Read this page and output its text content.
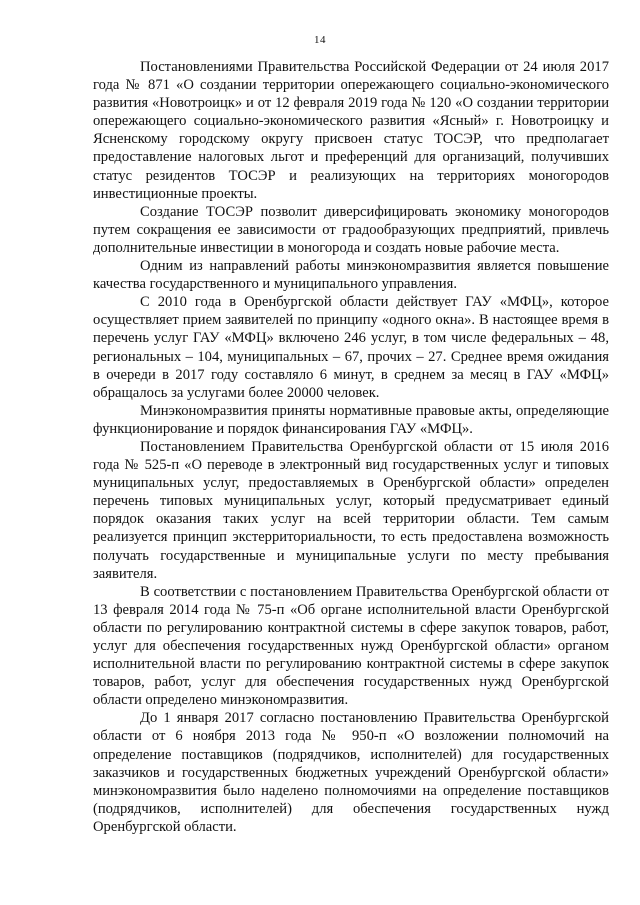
14

Постановлениями Правительства Российской Федерации от 24 июля 2017 года № 871 «О создании территории опережающего социально-экономического развития «Новотроицк» и от 12 февраля 2019 года № 120 «О создании территории опережающего социально-экономического развития «Ясный» г. Новотроицку и Ясненскому городскому округу присвоен статус ТОСЭР, что предполагает предоставление налоговых льгот и преференций для организаций, получивших статус резидентов ТОСЭР и реализующих на территориях моногородов инвестиционные проекты.

Создание ТОСЭР позволит диверсифицировать экономику моногородов путем сокращения ее зависимости от градообразующих предприятий, привлечь дополнительные инвестиции в моногорода и создать новые рабочие места.

Одним из направлений работы минэкономразвития является повышение качества государственного и муниципального управления.

С 2010 года в Оренбургской области действует ГАУ «МФЦ», которое осуществляет прием заявителей по принципу «одного окна». В настоящее время в перечень услуг ГАУ «МФЦ» включено 246 услуг, в том числе федеральных – 48, региональных – 104, муниципальных – 67, прочих – 27. Среднее время ожидания в очереди в 2017 году составляло 6 минут, в среднем за месяц в ГАУ «МФЦ» обращалось за услугами более 20000 человек.

Минэкономразвития приняты нормативные правовые акты, определяющие функционирование и порядок финансирования ГАУ «МФЦ».

Постановлением Правительства Оренбургской области от 15 июля 2016 года № 525-п «О переводе в электронный вид государственных услуг и типовых муниципальных услуг, предоставляемых в Оренбургской области» определен перечень типовых муниципальных услуг, который предусматривает единый порядок оказания таких услуг на всей территории области. Тем самым реализуется принцип экстерриториальности, то есть предоставлена возможность получать государственные и муниципальные услуги по месту пребывания заявителя.

В соответствии с постановлением Правительства Оренбургской области от 13 февраля 2014 года № 75-п «Об органе исполнительной власти Оренбургской области по регулированию контрактной системы в сфере закупок товаров, работ, услуг для обеспечения государственных нужд Оренбургской области» органом исполнительной власти по регулированию контрактной системы в сфере закупок товаров, работ, услуг для обеспечения государственных нужд Оренбургской области определено минэкономразвития.

До 1 января 2017 согласно постановлению Правительства Оренбургской области от 6 ноября 2013 года № 950-п «О возложении полномочий на определение поставщиков (подрядчиков, исполнителей) для государственных заказчиков и государственных бюджетных учреждений Оренбургской области» минэкономразвития было наделено полномочиями на определение поставщиков (подрядчиков, исполнителей) для обеспечения государственных нужд Оренбургской области.
